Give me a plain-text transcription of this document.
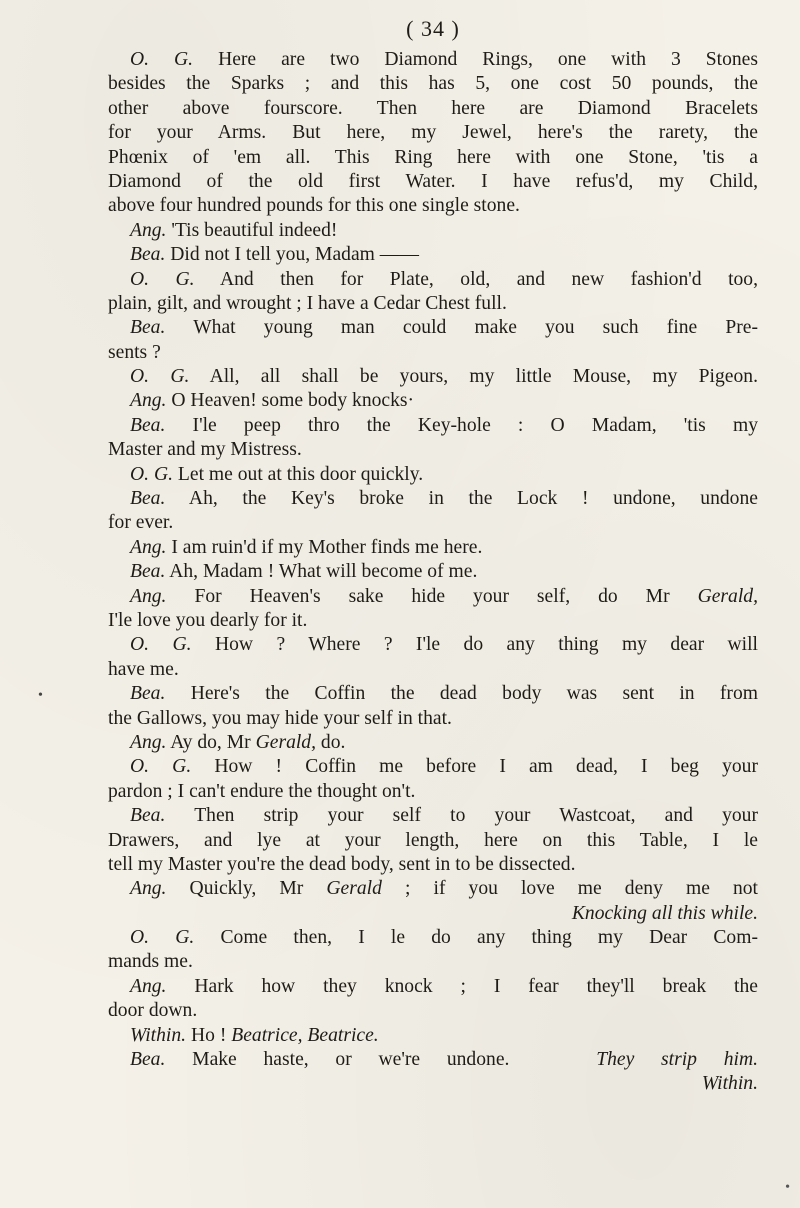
( 34 )
O. G. Here are two Diamond Rings, one with 3 Stones
besides the Sparks ; and this has 5, one cost 50 pounds, the
other above fourscore. Then here are Diamond Bracelets
for your Arms. But here, my Jewel, here's the rarety, the
Phœnix of 'em all. This Ring here with one Stone, 'tis a
Diamond of the old first Water. I have refus'd, my Child,
above four hundred pounds for this one single stone.
Ang. 'Tis beautiful indeed!
Bea. Did not I tell you, Madam ——
O. G. And then for Plate, old, and new fashion'd too,
plain, gilt, and wrought ; I have a Cedar Chest full.
Bea. What young man could make you such fine Pre-
sents ?
O. G. All, all shall be yours, my little Mouse, my Pigeon.
Ang. O Heaven! some body knocks·
Bea. I'le peep thro the Key-hole : O Madam, 'tis my
Master and my Mistress.
O. G. Let me out at this door quickly.
Bea. Ah, the Key's broke in the Lock ! undone, undone
for ever.
Ang. I am ruin'd if my Mother finds me here.
Bea. Ah, Madam ! What will become of me.
Ang. For Heaven's sake hide your self, do Mr Gerald,
I'le love you dearly for it.
O. G. How ? Where ? I'le do any thing my dear will
have me.
Bea. Here's the Coffin the dead body was sent in from
the Gallows, you may hide your self in that.
Ang. Ay do, Mr Gerald, do.
O. G. How ! Coffin me before I am dead, I beg your
pardon ; I can't endure the thought on't.
Bea. Then strip your self to your Wastcoat, and your
Drawers, and lye at your length, here on this Table, I le
tell my Master you're the dead body, sent in to be dissected.
Ang. Quickly, Mr Gerald ; if you love me deny me not
Knocking all this while.
O. G. Come then, I le do any thing my Dear Com-
mands me.
Ang. Hark how they knock ; I fear they'll break the
door down.
Within. Ho ! Beatrice, Beatrice.
Bea. Make haste, or we're undone.	They strip him.
Within.
•
•
